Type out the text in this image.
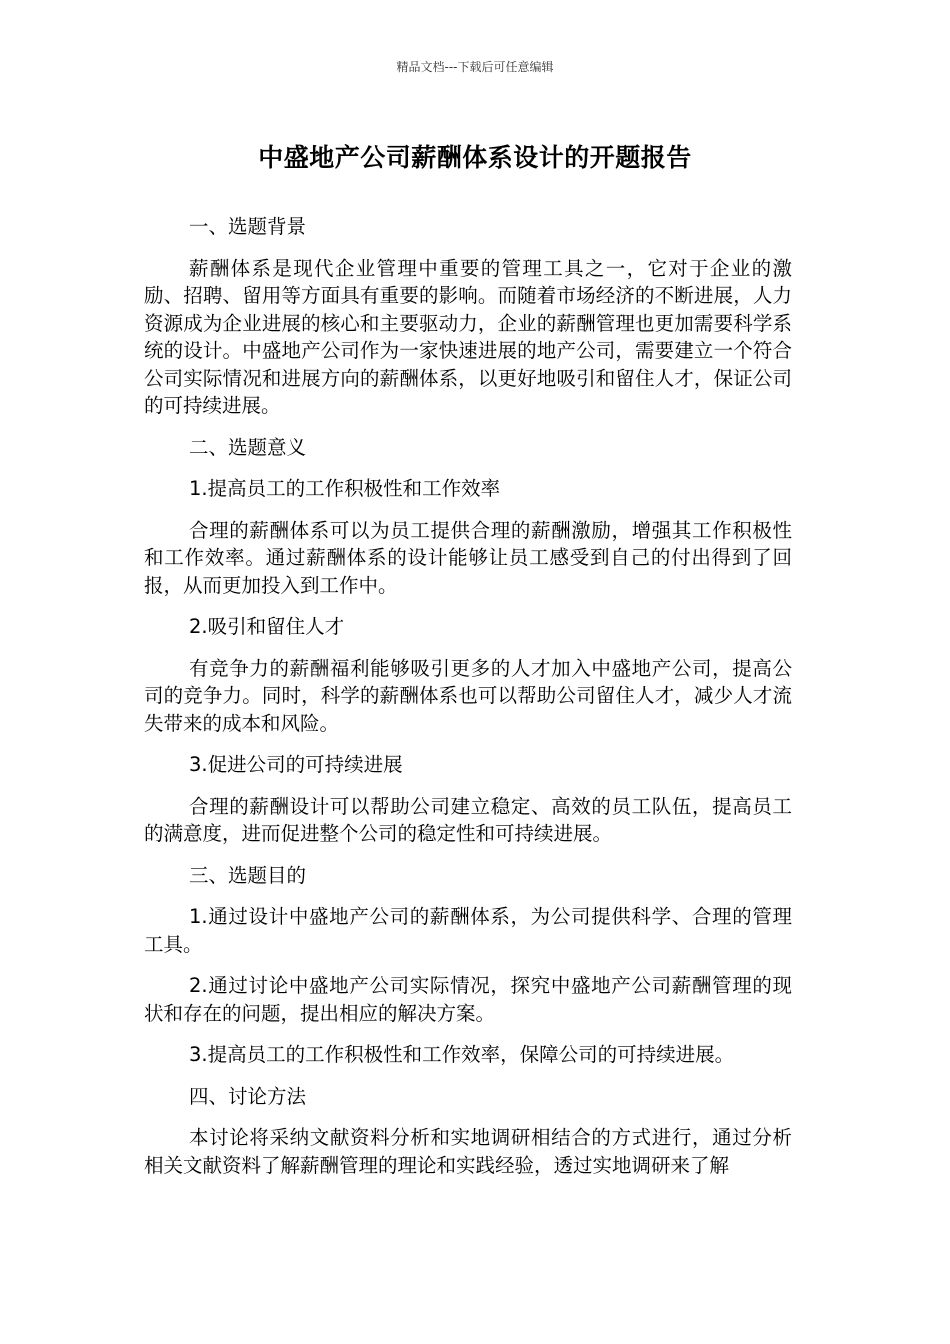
精品文档---下载后可任意编辑
中盛地产公司薪酬体系设计的开题报告

一、选题背景

薪酬体系是现代企业管理中重要的管理工具之一，它对于企业的激励、招聘、留用等方面具有重要的影响。而随着市场经济的不断进展，人力资源成为企业进展的核心和主要驱动力，企业的薪酬管理也更加需要科学系统的设计。中盛地产公司作为一家快速进展的地产公司，需要建立一个符合公司实际情况和进展方向的薪酬体系，以更好地吸引和留住人才，保证公司的可持续进展。

二、选题意义

1.提高员工的工作积极性和工作效率

合理的薪酬体系可以为员工提供合理的薪酬激励，增强其工作积极性和工作效率。通过薪酬体系的设计能够让员工感受到自己的付出得到了回报，从而更加投入到工作中。

2.吸引和留住人才

有竞争力的薪酬福利能够吸引更多的人才加入中盛地产公司，提高公司的竞争力。同时，科学的薪酬体系也可以帮助公司留住人才，减少人才流失带来的成本和风险。

3.促进公司的可持续进展

合理的薪酬设计可以帮助公司建立稳定、高效的员工队伍，提高员工的满意度，进而促进整个公司的稳定性和可持续进展。

三、选题目的

1.通过设计中盛地产公司的薪酬体系，为公司提供科学、合理的管理工具。

2.通过讨论中盛地产公司实际情况，探究中盛地产公司薪酬管理的现状和存在的问题，提出相应的解决方案。

3.提高员工的工作积极性和工作效率，保障公司的可持续进展。

四、讨论方法

本讨论将采纳文献资料分析和实地调研相结合的方式进行，通过分析相关文献资料了解薪酬管理的理论和实践经验，透过实地调研来了解
